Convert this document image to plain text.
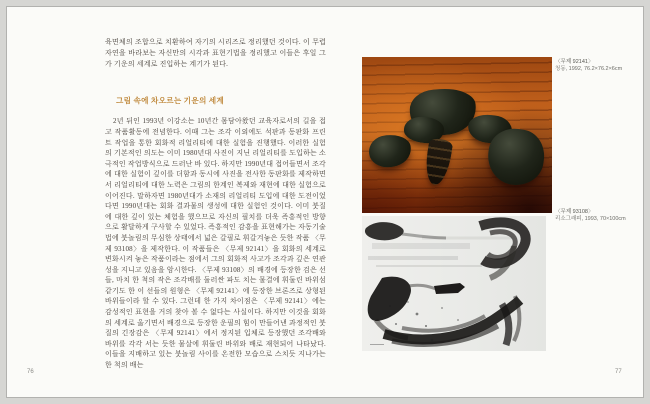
육면체의 조합으로 치환하여 자기의 시리즈로 정리했던 것이다. 이 무렵 자연을 바라보는 자신만의 시각과 표현기법을 정리했고 이들은 후일 그가 기운의 세계로 진입하는 계기가 된다.

그림 속에 차오르는 기운의 세계

2년 뒤인 1993년 이강소는 10년간 몸담아왔던 교육자로서의 길을 접고 작품활동에 전념한다. 이때 그는 조각 이외에도 석판과 동판화 프린트 작업을 통한 회화적 리얼리티에 대한 실험을 진행했다. 이러한 실험의 기본적인 의도는 이미 1980년대 사진이 지닌 리얼리티를 도입하는 소극적인 작업방식으로 드러난 바 있다. 하지만 1990년대 접어들면서 조각에 대한 실험이 깊이를 더함과 동시에 사진을 전사한 동판화를 제작하면서 리얼리티에 대한 노력은 그림의 한계인 복제와 재현에 대한 실험으로 이어진다. 말하자면 1980년대가 소재의 리얼리티 도입에 대한 도전이었다면 1990년대는 회화 결과물의 생성에 대한 실험인 것이다. 이미 붓질에 대한 깊이 있는 체험을 했으므로 자신의 필치를 더욱 즉흥적인 방향으로 활달하게 구사할 수 있었다. 즉흥적인 감흥을 표현해가는 자동기술법에 붓놀림의 무심한 상태에서 넓은 갈필로 휘갈겨놓은 듯한 작품 〈무제 93108〉을 제작한다. 이 작품들은 〈무제 92141〉을 회화의 세계로 변화시켜 놓은 작품이라는 점에서 그의 회화적 사고가 조각과 깊은 연관성을 지니고 있음을 암시한다. 〈무제 93108〉의 배경에 등장한 검은 선들, 마치 한 척의 작은 조각배를 둘러싼 파도 치는 물결에 휘둘린 바위섬 같기도 한 이 선들의 원형은 〈무제 92141〉에 등장한 브론즈로 상형된 바위들이라 할 수 있다. 그런데 한 가지 차이점은 〈무제 92141〉에는 감성적인 표현을 거의 찾아 볼 수 없다는 사실이다. 하지만 이것을 회화의 세계로 옮기면서 배경으로 등장한 운필의 힘이 만들어낸 과정적인 붓질의 긴장감은 〈무제 92141〉에서 정지된 입체로 등장했던 조각배와 바위를 각각 서는 듯한 물살에 휘둘린 바위와 배로 재현되어 나타났다. 이들을 지배하고 있는 붓놀림 사이를 온전한 모습으로 스치듯 지나가는 한 척의 배는

76
〈무제 92141〉
청동, 1992, 76.2×76.2×6cm
〈무제 93108〉
리소그래피, 1993, 70×100cm
77
